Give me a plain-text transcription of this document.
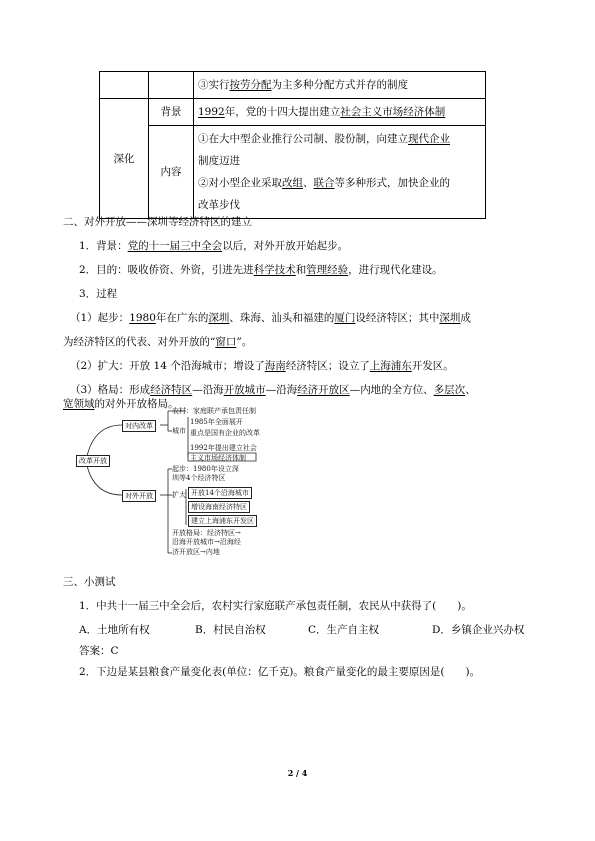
		③实行按劳分配为主多种分配方式并存的制度
深化	背景	1992年，党的十四大提出建立社会主义市场经济体制
	内容	①在大中型企业推行公司制、股份制，向建立现代企业
制度迈进
②对小型企业采取改组、联合等多种形式，加快企业的
改革步伐
二、对外开放——深圳等经济特区的建立
1．背景：党的十一届三中全会以后，对外开放开始起步。
2．目的：吸收侨资、外资，引进先进科学技术和管理经验，进行现代化建设。
3．过程
（1）起步：1980年在广东的深圳、珠海、汕头和福建的厦门设经济特区；其中深圳成
为经济特区的代表、对外开放的“窗口”。
（2）扩大：开放 14 个沿海城市；增设了海南经济特区；设立了上海浦东开发区。
（3）格局：形成经济特区—沿海开放城市—沿海经济开放区—内地的全方位、多层次、
宽领域的对外开放格局。
改革开放
对内改革
对外开放
城市
农村：家庭联产承包责任制
1985年全面展开
重点是国有企业的改革
1992年提出建立社会
主义市场经济体制
起步：1980年设立深
圳等4个经济特区
扩大 开放14个沿海城市
增设海南经济特区
建立上海浦东开发区
开放格局：经济特区→
沿海开放城市→沿海经
济开放区→内地
三、小测试
1．中共十一届三中全会后，农村实行家庭联产承包责任制，农民从中获得了(　　)。
A．土地所有权	B．村民自治权	C．生产自主权	D．乡镇企业兴办权
答案：C
2．下边是某县粮食产量变化表(单位：亿千克)。粮食产量变化的最主要原因是(　　)。
2 / 4
